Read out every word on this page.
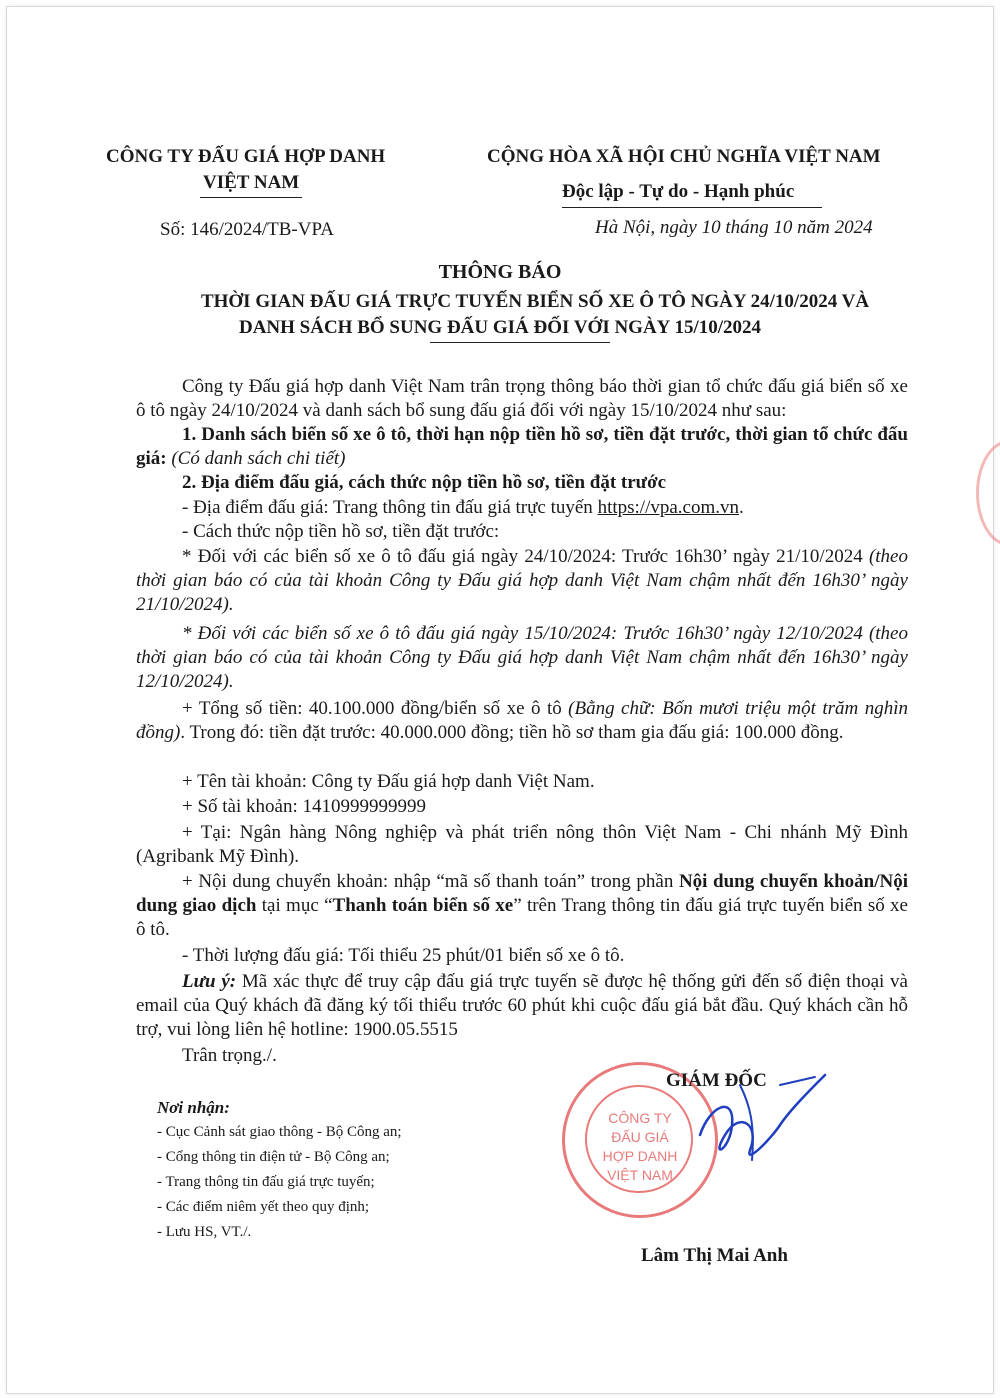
CÔNG TY ĐẤU GIÁ HỢP DANH
VIỆT NAM
Số: 146/2024/TB-VPA
CỘNG HÒA XÃ HỘI CHỦ NGHĨA VIỆT NAM
Độc lập - Tự do - Hạnh phúc
Hà Nội, ngày 10 tháng 10 năm 2024
THÔNG BÁO
THỜI GIAN ĐẤU GIÁ TRỰC TUYẾN BIỂN SỐ XE Ô TÔ NGÀY 24/10/2024 VÀ
DANH SÁCH BỔ SUNG ĐẤU GIÁ ĐỐI VỚI NGÀY 15/10/2024
Công ty Đấu giá hợp danh Việt Nam trân trọng thông báo thời gian tổ chức đấu giá biển số xe ô tô ngày 24/10/2024 và danh sách bổ sung đấu giá đối với ngày 15/10/2024 như sau:
1. Danh sách biển số xe ô tô, thời hạn nộp tiền hồ sơ, tiền đặt trước, thời gian tổ chức đấu giá: (Có danh sách chi tiết)
2. Địa điểm đấu giá, cách thức nộp tiền hồ sơ, tiền đặt trước
- Địa điểm đấu giá: Trang thông tin đấu giá trực tuyến https://vpa.com.vn.
- Cách thức nộp tiền hồ sơ, tiền đặt trước:
* Đối với các biển số xe ô tô đấu giá ngày 24/10/2024: Trước 16h30’ ngày 21/10/2024 (theo thời gian báo có của tài khoản Công ty Đấu giá hợp danh Việt Nam chậm nhất đến 16h30’ ngày 21/10/2024).
* Đối với các biển số xe ô tô đấu giá ngày 15/10/2024: Trước 16h30’ ngày 12/10/2024 (theo thời gian báo có của tài khoản Công ty Đấu giá hợp danh Việt Nam chậm nhất đến 16h30’ ngày 12/10/2024).
+ Tổng số tiền: 40.100.000 đồng/biển số xe ô tô (Bằng chữ: Bốn mươi triệu một trăm nghìn đồng). Trong đó: tiền đặt trước: 40.000.000 đồng; tiền hồ sơ tham gia đấu giá: 100.000 đồng.
+ Tên tài khoản: Công ty Đấu giá hợp danh Việt Nam.
+ Số tài khoản: 1410999999999
+ Tại: Ngân hàng Nông nghiệp và phát triển nông thôn Việt Nam - Chi nhánh Mỹ Đình (Agribank Mỹ Đình).
+ Nội dung chuyển khoản: nhập “mã số thanh toán” trong phần Nội dung chuyển khoản/Nội dung giao dịch tại mục “Thanh toán biển số xe” trên Trang thông tin đấu giá trực tuyến biển số xe ô tô.
- Thời lượng đấu giá: Tối thiểu 25 phút/01 biển số xe ô tô.
Lưu ý: Mã xác thực để truy cập đấu giá trực tuyến sẽ được hệ thống gửi đến số điện thoại và email của Quý khách đã đăng ký tối thiểu trước 60 phút khi cuộc đấu giá bắt đầu. Quý khách cần hỗ trợ, vui lòng liên hệ hotline: 1900.05.5515
Trân trọng./.
Nơi nhận:
- Cục Cảnh sát giao thông - Bộ Công an;
- Cổng thông tin điện tử - Bộ Công an;
- Trang thông tin đấu giá trực tuyến;
- Các điểm niêm yết theo quy định;
- Lưu HS, VT./.
CÔNG TY
ĐẤU GIÁ
HỢP DANH
VIỆT NAM
GIÁM ĐỐC
Lâm Thị Mai Anh
